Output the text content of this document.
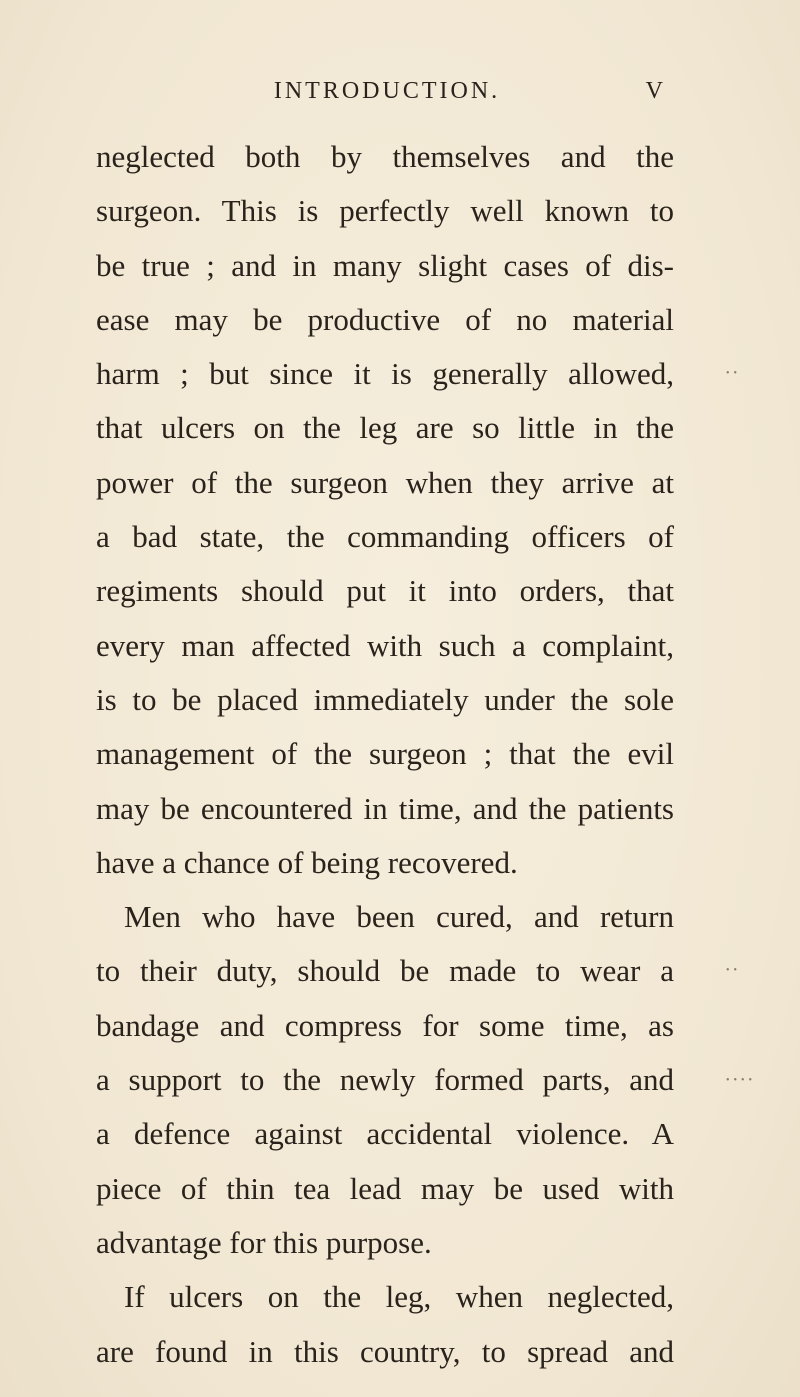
INTRODUCTION.	V
neglected both by themselves and the
surgeon. This is perfectly well known to
be true ; and in many slight cases of dis-
ease may be productive of no material
harm ; but since it is generally allowed,
that ulcers on the leg are so little in the
power of the surgeon when they arrive at
a bad state, the commanding officers of
regiments should put it into orders, that
every man affected with such a complaint,
is to be placed immediately under the sole
management of the surgeon ; that the evil
may be encountered in time, and the patients
have a chance of being recovered.
Men who have been cured, and return
to their duty, should be made to wear a
bandage and compress for some time, as
a support to the newly formed parts, and
a defence against accidental violence. A
piece of thin tea lead may be used with
advantage for this purpose.
If ulcers on the leg, when neglected,
are found in this country, to spread and
••
••
••••
